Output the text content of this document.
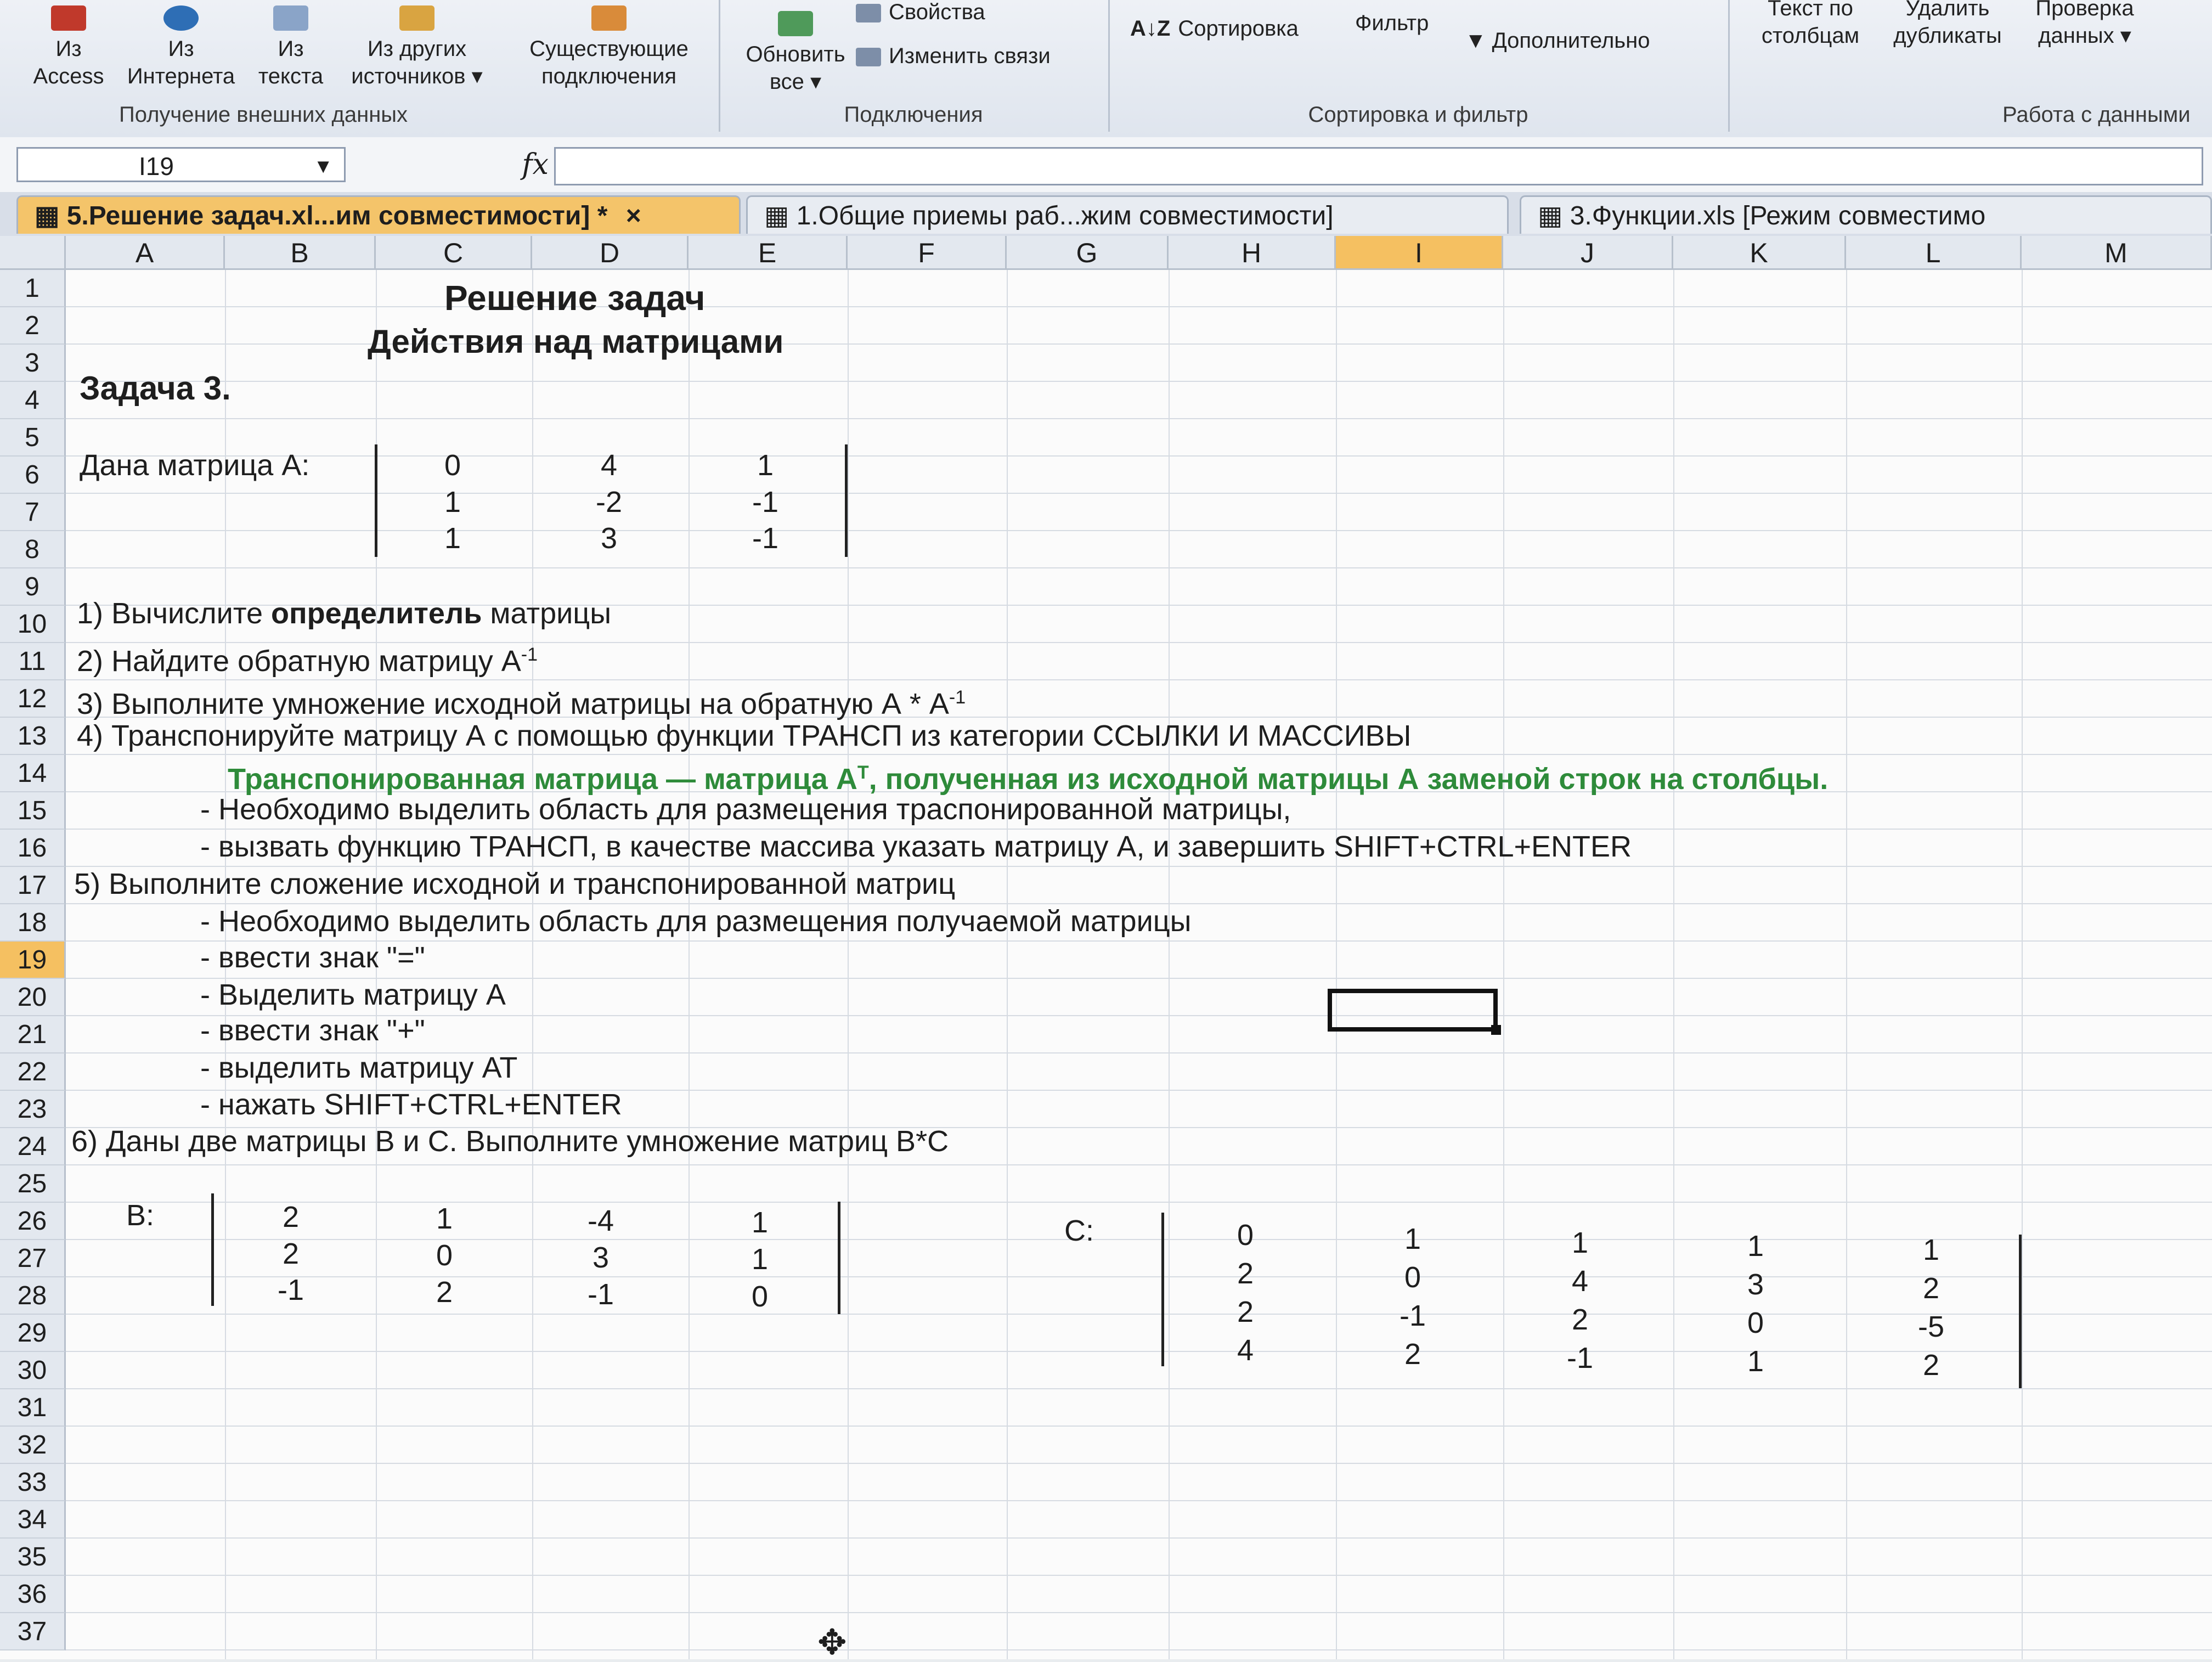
Из
Access
Из
Интернета
Из
текста
Из других
источников ▾
Существующие
подключения
Получение внешних данных
Обновить
все ▾
Свойства
Изменить связи
Подключения
A↓Z Сортировка	Фильтр
▼ Дополнительно
Сортировка и фильтр
Текст по
столбцам
Удалить
дубликаты
Проверка
данных ▾
Работа с данными
I19	▼	fx
▦ 5.Решение задач.xl...им совместимости] * ×	▦ 1.Общие приемы раб...жим совместимости]	▦ 3.Функции.xls [Режим совместимо
A	B	C	D	E	F	G	H	I	J	K	L	M
1
2
3
4
5
6
7
8
9
10
11
12
13
14
15
16
17
18
19
20
21
22
23
24
25
26
27
28
29
30
31
32
33
34
35
36
37
Решение задач
Действия над матрицами
Задача 3.
Дана матрица А:	0	4	1
1	-2	-1
1	3	-1
1) Вычислите определитель матрицы
2) Найдите обратную матрицу $А^{-1}$
3) Выполните умножение исходной матрицы на обратную А * $А^{-1}$
4) Транспонируйте матрицу А с помощью функции ТРАНСП из категории ССЫЛКИ И МАССИВЫ
Транспонированная матрица — матрица $А^T$, полученная из исходной матрицы А заменой строк на столбцы.
- Необходимо выделить область для размещения траспонированной матрицы,
- вызвать функцию ТРАНСП, в качестве массива указать матрицу А, и завершить SHIFT+CTRL+ENTER
5) Выполните сложение исходной и транспонированной матриц
- Необходимо выделить область для размещения получаемой матрицы
- ввести знак "="
- Выделить матрицу А
- ввести знак "+"
- выделить матрицу АТ
- нажать SHIFT+CTRL+ENTER
6) Даны две матрицы В и С. Выполните умножение матриц В*С
В:	2	1	-4	1
2	0	3	1
-1	2	-1	0
С:	0	1	1	1	1
2	0	4	3	2
2	-1	2	0	-5
4	2	-1	1	2
✥
